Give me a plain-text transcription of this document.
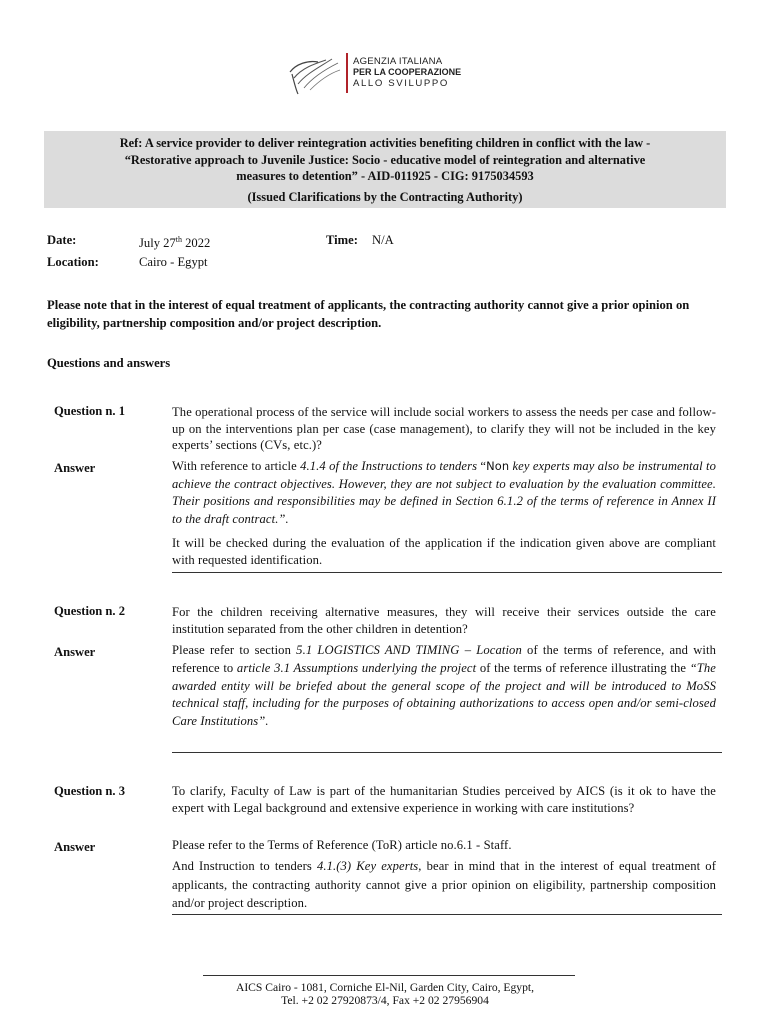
AGENZIA ITALIANA
PER LA COOPERAZIONE
ALLO SVILUPPO
Ref: A service provider to deliver reintegration activities benefiting children in conflict with the law -
“Restorative approach to Juvenile Justice: Socio - educative model of reintegration and alternative
measures to detention” - AID-011925 - CIG: 9175034593
(Issued Clarifications by the Contracting Authority)
Date:	July 27th 2022	Time: N/A
Location:	Cairo - Egypt
Please note that in the interest of equal treatment of applicants, the contracting authority cannot give a prior opinion on eligibility, partnership composition and/or project description.
Questions and answers
Question n. 1	The operational process of the service will include social workers to assess the needs per case and follow-up on the interventions plan per case (case management), to clarify they will not be included in the key experts’ sections (CVs, etc.)?
Answer	With reference to article 4.1.4 of the Instructions to tenders “Non key experts may also be instrumental to achieve the contract objectives. However, they are not subject to evaluation by the evaluation committee. Their positions and responsibilities may be defined in Section 6.1.2 of the terms of reference in Annex II to the draft contract.”.
It will be checked during the evaluation of the application if the indication given above are compliant with requested identification.
Question n. 2	For the children receiving alternative measures, they will receive their services outside the care institution separated from the other children in detention?
Answer	Please refer to section 5.1 LOGISTICS AND TIMING – Location of the terms of reference, and with reference to article 3.1 Assumptions underlying the project of the terms of reference illustrating the “The awarded entity will be briefed about the general scope of the project and will be introduced to MoSS technical staff, including for the purposes of obtaining authorizations to access open and/or semi-closed Care Institutions”.
Question n. 3	To clarify, Faculty of Law is part of the humanitarian Studies perceived by AICS (is it ok to have the expert with Legal background and extensive experience in working with care institutions?
Answer	Please refer to the Terms of Reference (ToR) article no.6.1 - Staff.
And Instruction to tenders 4.1.(3) Key experts, bear in mind that in the interest of equal treatment of applicants, the contracting authority cannot give a prior opinion on eligibility, partnership composition and/or project description.
AICS Cairo - 1081, Corniche El-Nil, Garden City, Cairo, Egypt,
Tel. +2 02 27920873/4, Fax +2 02 27956904
